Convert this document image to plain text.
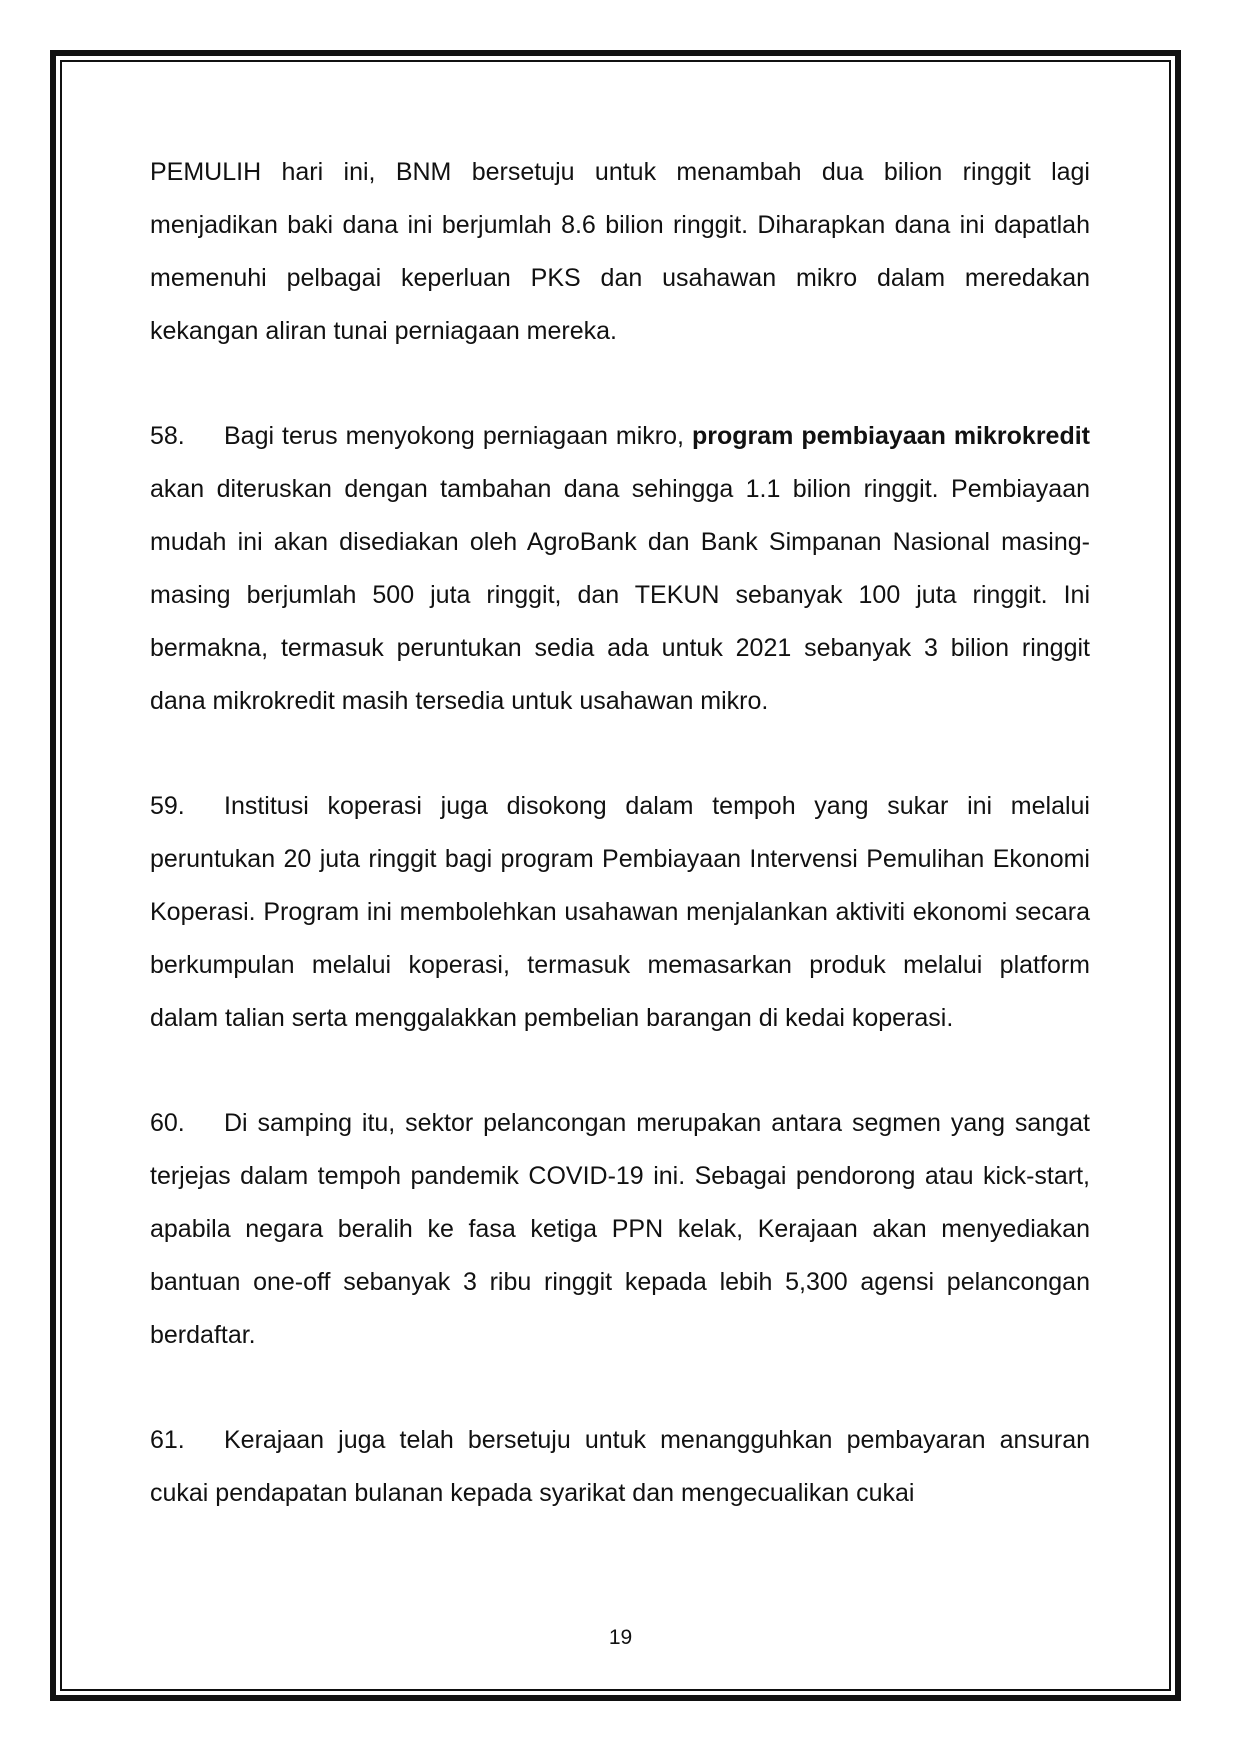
PEMULIH hari ini, BNM bersetuju untuk menambah dua bilion ringgit lagi menjadikan baki dana ini berjumlah 8.6 bilion ringgit. Diharapkan dana ini dapatlah memenuhi pelbagai keperluan PKS dan usahawan mikro dalam meredakan kekangan aliran tunai perniagaan mereka.

58. Bagi terus menyokong perniagaan mikro, program pembiayaan mikrokredit akan diteruskan dengan tambahan dana sehingga 1.1 bilion ringgit. Pembiayaan mudah ini akan disediakan oleh AgroBank dan Bank Simpanan Nasional masing-masing berjumlah 500 juta ringgit, dan TEKUN sebanyak 100 juta ringgit. Ini bermakna, termasuk peruntukan sedia ada untuk 2021 sebanyak 3 bilion ringgit dana mikrokredit masih tersedia untuk usahawan mikro.

59. Institusi koperasi juga disokong dalam tempoh yang sukar ini melalui peruntukan 20 juta ringgit bagi program Pembiayaan Intervensi Pemulihan Ekonomi Koperasi. Program ini membolehkan usahawan menjalankan aktiviti ekonomi secara berkumpulan melalui koperasi, termasuk memasarkan produk melalui platform dalam talian serta menggalakkan pembelian barangan di kedai koperasi.

60. Di samping itu, sektor pelancongan merupakan antara segmen yang sangat terjejas dalam tempoh pandemik COVID-19 ini. Sebagai pendorong atau kick-start, apabila negara beralih ke fasa ketiga PPN kelak, Kerajaan akan menyediakan bantuan one-off sebanyak 3 ribu ringgit kepada lebih 5,300 agensi pelancongan berdaftar.

61. Kerajaan juga telah bersetuju untuk menangguhkan pembayaran ansuran cukai pendapatan bulanan kepada syarikat dan mengecualikan cukai

19
